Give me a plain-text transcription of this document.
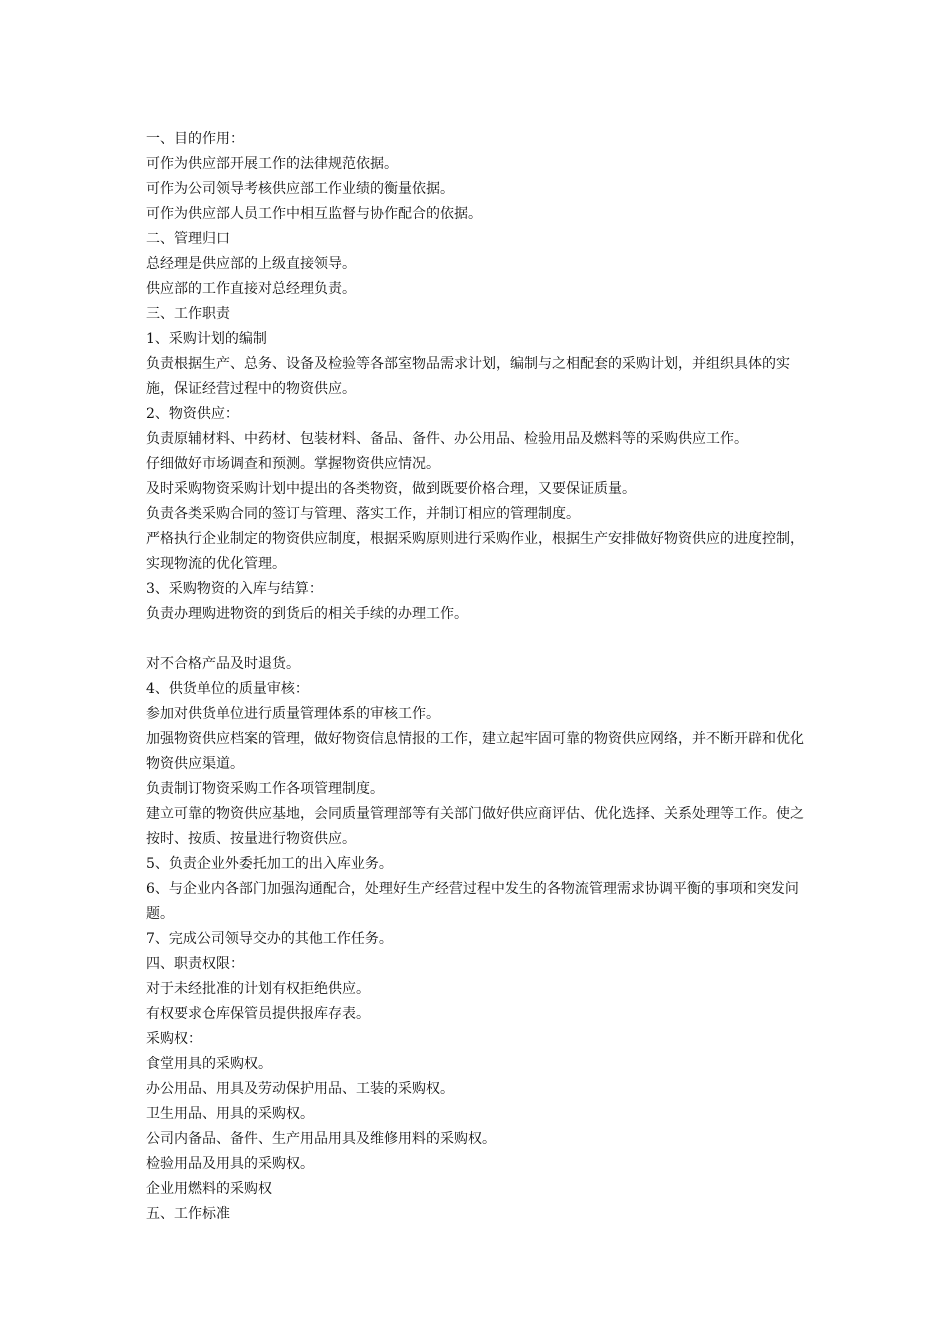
一、目的作用：

可作为供应部开展工作的法律规范依据。

可作为公司领导考核供应部工作业绩的衡量依据。

可作为供应部人员工作中相互监督与协作配合的依据。

二、管理归口

总经理是供应部的上级直接领导。

供应部的工作直接对总经理负责。

三、工作职责

1、采购计划的编制

负责根据生产、总务、设备及检验等各部室物品需求计划，编制与之相配套的采购计划，并组织具体的实施，保证经营过程中的物资供应。

2、物资供应：

负责原辅材料、中药材、包装材料、备品、备件、办公用品、检验用品及燃料等的采购供应工作。

仔细做好市场调查和预测。掌握物资供应情况。

及时采购物资采购计划中提出的各类物资，做到既要价格合理，又要保证质量。

负责各类采购合同的签订与管理、落实工作，并制订相应的管理制度。

严格执行企业制定的物资供应制度，根据采购原则进行采购作业，根据生产安排做好物资供应的进度控制，实现物流的优化管理。

3、采购物资的入库与结算：

负责办理购进物资的到货后的相关手续的办理工作。

对不合格产品及时退货。

4、供货单位的质量审核：

参加对供货单位进行质量管理体系的审核工作。

加强物资供应档案的管理，做好物资信息情报的工作，建立起牢固可靠的物资供应网络，并不断开辟和优化物资供应渠道。

负责制订物资采购工作各项管理制度。

建立可靠的物资供应基地，会同质量管理部等有关部门做好供应商评估、优化选择、关系处理等工作。使之按时、按质、按量进行物资供应。

5、负责企业外委托加工的出入库业务。

6、与企业内各部门加强沟通配合，处理好生产经营过程中发生的各物流管理需求协调平衡的事项和突发问题。

7、完成公司领导交办的其他工作任务。

四、职责权限：

对于未经批准的计划有权拒绝供应。

有权要求仓库保管员提供报库存表。

采购权：

食堂用具的采购权。

办公用品、用具及劳动保护用品、工装的采购权。

卫生用品、用具的采购权。

公司内备品、备件、生产用品用具及维修用料的采购权。

检验用品及用具的采购权。

企业用燃料的采购权

五、工作标准
